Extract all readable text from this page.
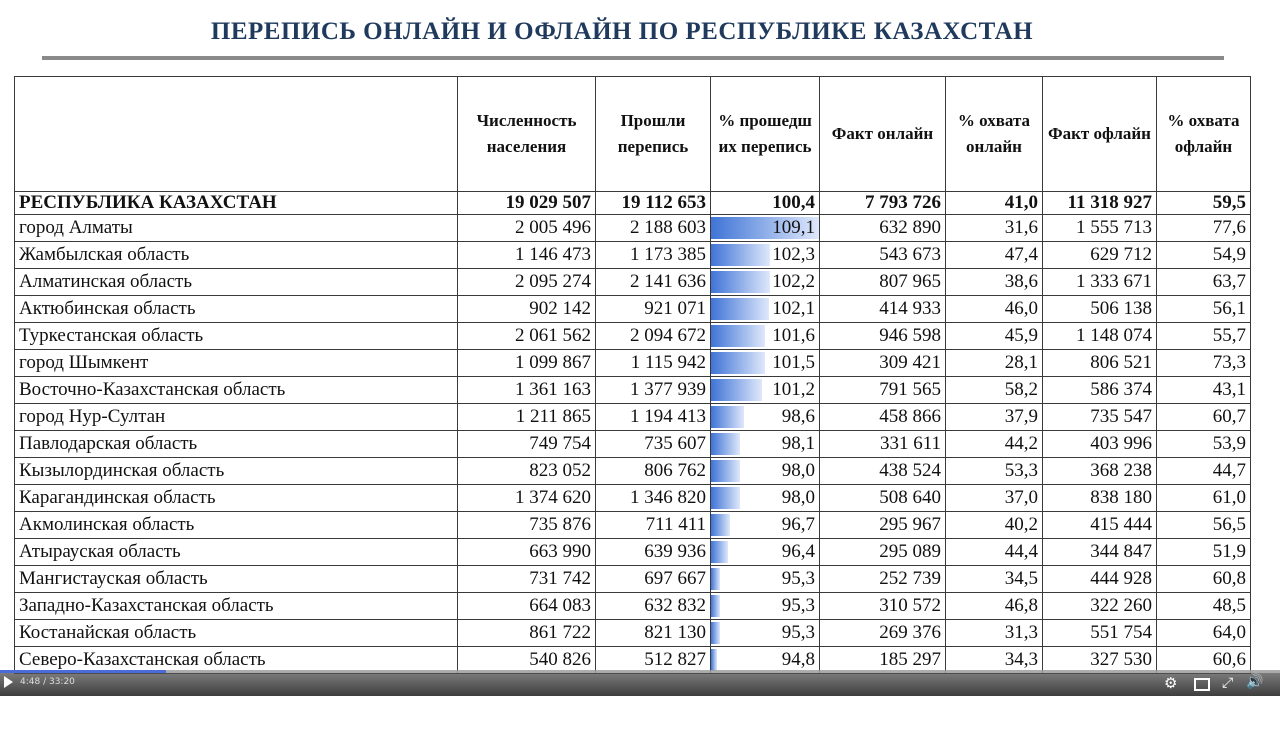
ПЕРЕПИСЬ ОНЛАЙН И ОФЛАЙН ПО РЕСПУБЛИКЕ КАЗАХСТАН
	Численность населения	Прошли перепись	% прошедш их перепись	Факт онлайн	% охвата онлайн	Факт офлайн	% охвата офлайн
РЕСПУБЛИКА КАЗАХСТАН	19 029 507	19 112 653	100,4	7 793 726	41,0	11 318 927	59,5
город Алматы	2 005 496	2 188 603	109,1	632 890	31,6	1 555 713	77,6
Жамбылская область	1 146 473	1 173 385	102,3	543 673	47,4	629 712	54,9
Алматинская область	2 095 274	2 141 636	102,2	807 965	38,6	1 333 671	63,7
Актюбинская область	902 142	921 071	102,1	414 933	46,0	506 138	56,1
Туркестанская область	2 061 562	2 094 672	101,6	946 598	45,9	1 148 074	55,7
город Шымкент	1 099 867	1 115 942	101,5	309 421	28,1	806 521	73,3
Восточно-Казахстанская область	1 361 163	1 377 939	101,2	791 565	58,2	586 374	43,1
город Нур-Султан	1 211 865	1 194 413	98,6	458 866	37,9	735 547	60,7
Павлодарская область	749 754	735 607	98,1	331 611	44,2	403 996	53,9
Кызылординская область	823 052	806 762	98,0	438 524	53,3	368 238	44,7
Карагандинская область	1 374 620	1 346 820	98,0	508 640	37,0	838 180	61,0
Акмолинская область	735 876	711 411	96,7	295 967	40,2	415 444	56,5
Атырауская область	663 990	639 936	96,4	295 089	44,4	344 847	51,9
Мангистауская область	731 742	697 667	95,3	252 739	34,5	444 928	60,8
Западно-Казахстанская область	664 083	632 832	95,3	310 572	46,8	322 260	48,5
Костанайская область	861 722	821 130	95,3	269 376	31,3	551 754	64,0
Северо-Казахстанская область	540 826	512 827	94,8	185 297	34,3	327 530	60,6
4:48 / 33:20	⚙	⤢ 🔊
